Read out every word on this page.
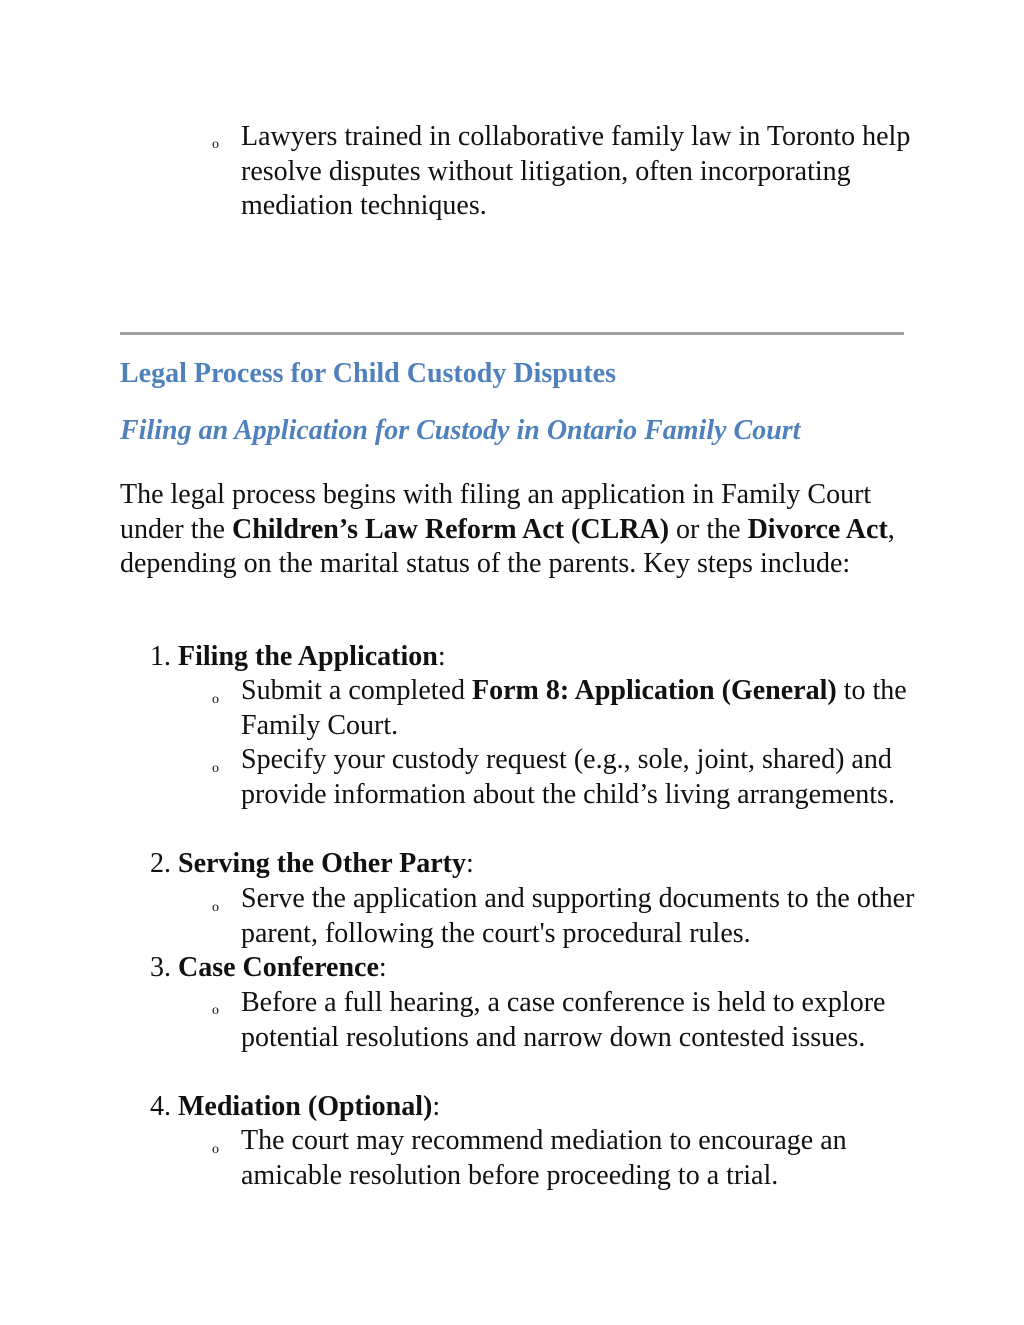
o Lawyers trained in collaborative family law in Toronto help resolve disputes without litigation, often incorporating mediation techniques.
Legal Process for Child Custody Disputes
Filing an Application for Custody in Ontario Family Court
The legal process begins with filing an application in Family Court under the Children’s Law Reform Act (CLRA) or the Divorce Act, depending on the marital status of the parents. Key steps include:
1. Filing the Application:
o Submit a completed Form 8: Application (General) to the Family Court.
o Specify your custody request (e.g., sole, joint, shared) and provide information about the child’s living arrangements.
2. Serving the Other Party:
o Serve the application and supporting documents to the other parent, following the court's procedural rules.
3. Case Conference:
o Before a full hearing, a case conference is held to explore potential resolutions and narrow down contested issues.
4. Mediation (Optional):
o The court may recommend mediation to encourage an amicable resolution before proceeding to a trial.
